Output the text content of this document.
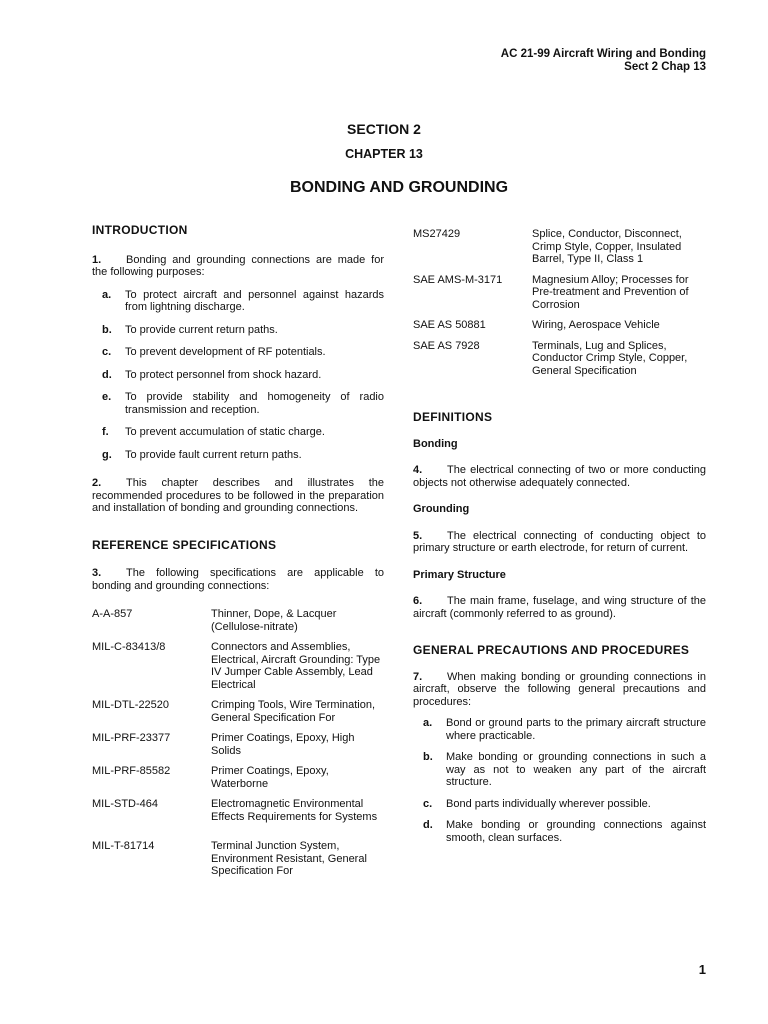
AC 21-99 Aircraft Wiring and Bonding
Sect 2 Chap 13
SECTION 2
CHAPTER 13
BONDING AND GROUNDING
INTRODUCTION
1. Bonding and grounding connections are made for the following purposes:
a. To protect aircraft and personnel against hazards from lightning discharge.
b. To provide current return paths.
c. To prevent development of RF potentials.
d. To protect personnel from shock hazard.
e. To provide stability and homogeneity of radio transmission and reception.
f. To prevent accumulation of static charge.
g. To provide fault current return paths.
2. This chapter describes and illustrates the recommended procedures to be followed in the preparation and installation of bonding and grounding connections.
REFERENCE SPECIFICATIONS
3. The following specifications are applicable to bonding and grounding connections:
A-A-857	Thinner, Dope, & Lacquer (Cellulose-nitrate)
MIL-C-83413/8	Connectors and Assemblies, Electrical, Aircraft Grounding: Type IV Jumper Cable Assembly, Lead Electrical
MIL-DTL-22520	Crimping Tools, Wire Termination, General Specification For
MIL-PRF-23377	Primer Coatings, Epoxy, High Solids
MIL-PRF-85582	Primer Coatings, Epoxy, Waterborne
MIL-STD-464	Electromagnetic Environmental Effects Requirements for Systems
MIL-T-81714	Terminal Junction System, Environment Resistant, General Specification For
MS27429	Splice, Conductor, Disconnect, Crimp Style, Copper, Insulated Barrel, Type II, Class 1
SAE AMS-M-3171	Magnesium Alloy; Processes for Pre-treatment and Prevention of Corrosion
SAE AS 50881	Wiring, Aerospace Vehicle
SAE AS 7928	Terminals, Lug and Splices, Conductor Crimp Style, Copper, General Specification
DEFINITIONS
Bonding
4. The electrical connecting of two or more conducting objects not otherwise adequately connected.
Grounding
5. The electrical connecting of conducting object to primary structure or earth electrode, for return of current.
Primary Structure
6. The main frame, fuselage, and wing structure of the aircraft (commonly referred to as ground).
GENERAL PRECAUTIONS AND PROCEDURES
7. When making bonding or grounding connections in aircraft, observe the following general precautions and procedures:
a. Bond or ground parts to the primary aircraft structure where practicable.
b. Make bonding or grounding connections in such a way as not to weaken any part of the aircraft structure.
c. Bond parts individually wherever possible.
d. Make bonding or grounding connections against smooth, clean surfaces.
1
